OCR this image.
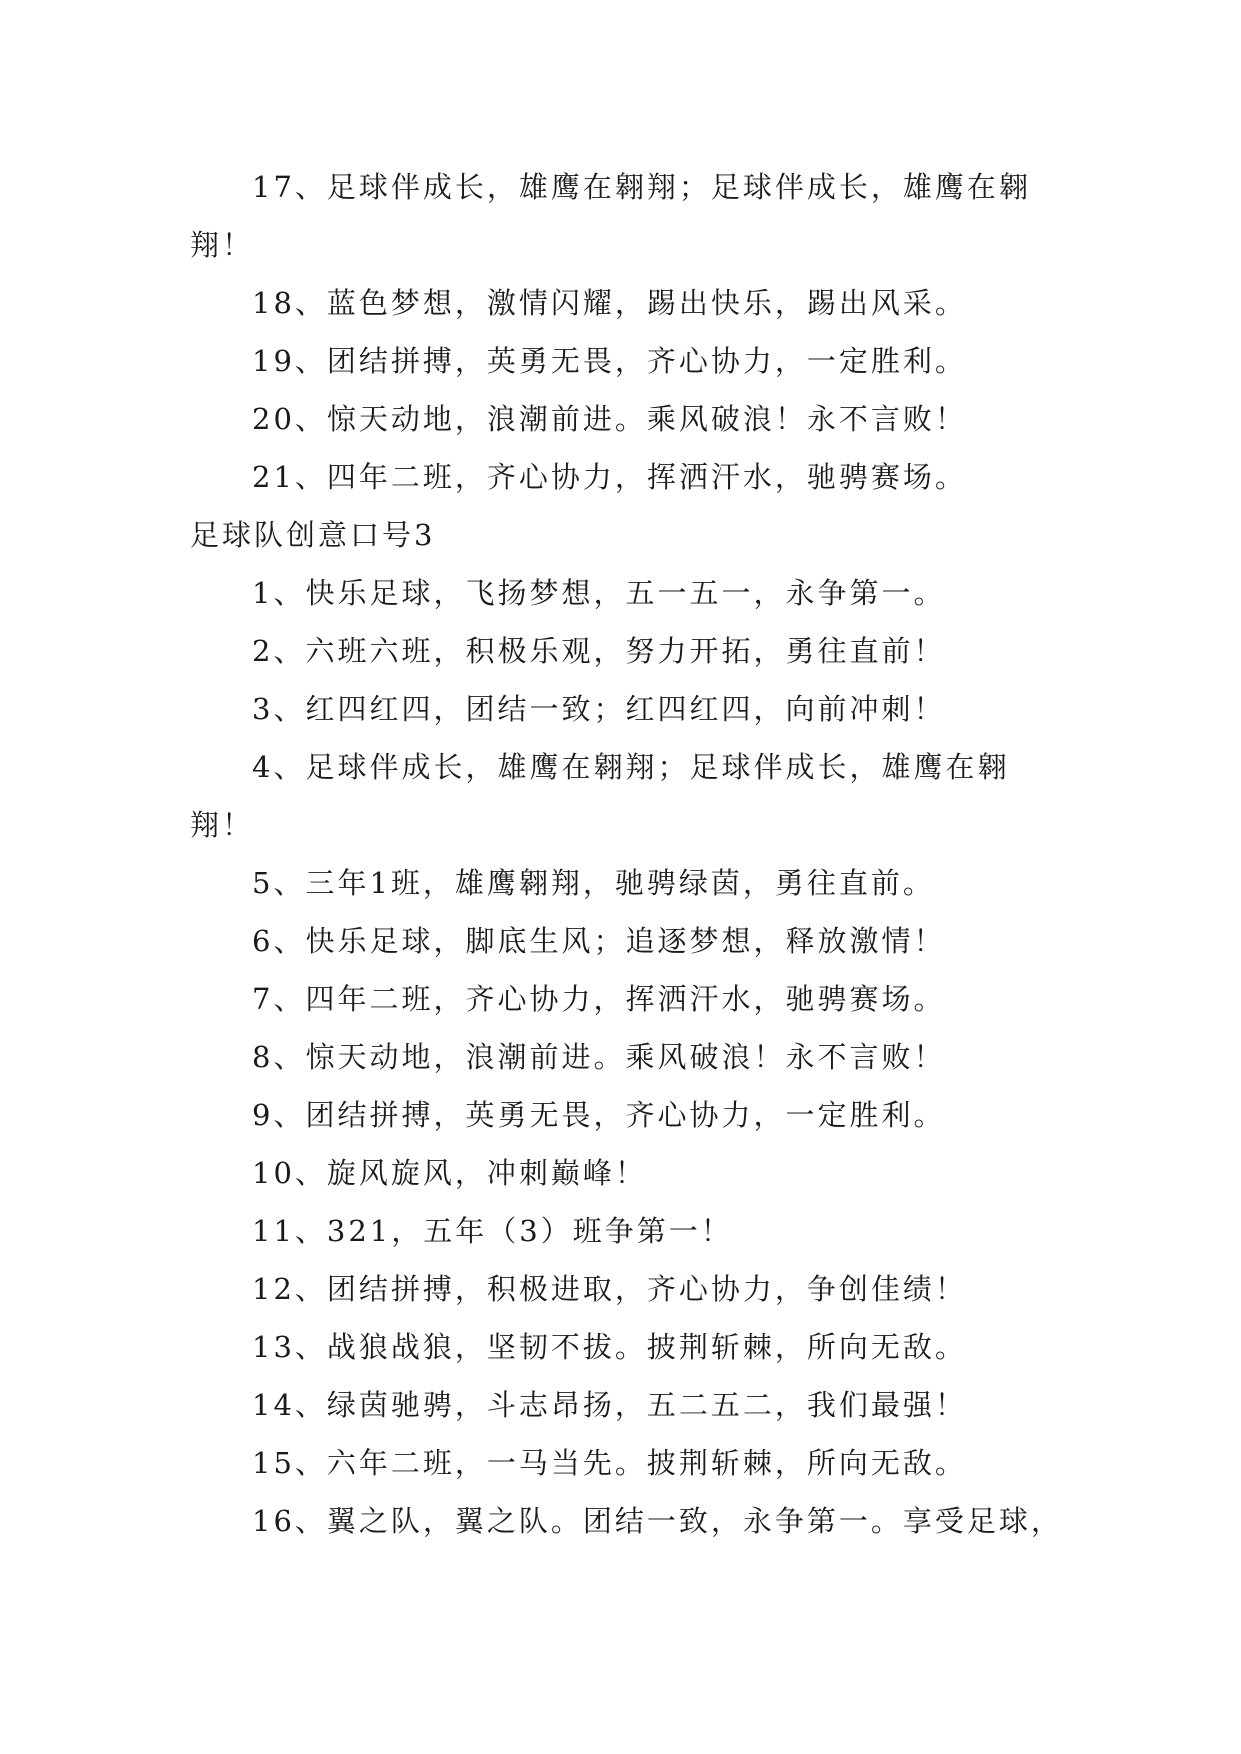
17、足球伴成长，雄鹰在翱翔；足球伴成长，雄鹰在翱
翔！
18、蓝色梦想，激情闪耀，踢出快乐，踢出风采。
19、团结拼搏，英勇无畏，齐心协力，一定胜利。
20、惊天动地，浪潮前进。乘风破浪！永不言败！
21、四年二班，齐心协力，挥洒汗水，驰骋赛场。
足球队创意口号3
1、快乐足球，飞扬梦想，五一五一，永争第一。
2、六班六班，积极乐观，努力开拓，勇往直前！
3、红四红四，团结一致；红四红四，向前冲刺！
4、足球伴成长，雄鹰在翱翔；足球伴成长，雄鹰在翱
翔！
5、三年1班，雄鹰翱翔，驰骋绿茵，勇往直前。
6、快乐足球，脚底生风；追逐梦想，释放激情！
7、四年二班，齐心协力，挥洒汗水，驰骋赛场。
8、惊天动地，浪潮前进。乘风破浪！永不言败！
9、团结拼搏，英勇无畏，齐心协力，一定胜利。
10、旋风旋风，冲刺巅峰！
11、321，五年（3）班争第一！
12、团结拼搏，积极进取，齐心协力，争创佳绩！
13、战狼战狼，坚韧不拔。披荆斩棘，所向无敌。
14、绿茵驰骋，斗志昂扬，五二五二，我们最强！
15、六年二班，一马当先。披荆斩棘，所向无敌。
16、翼之队，翼之队。团结一致，永争第一。享受足球，
